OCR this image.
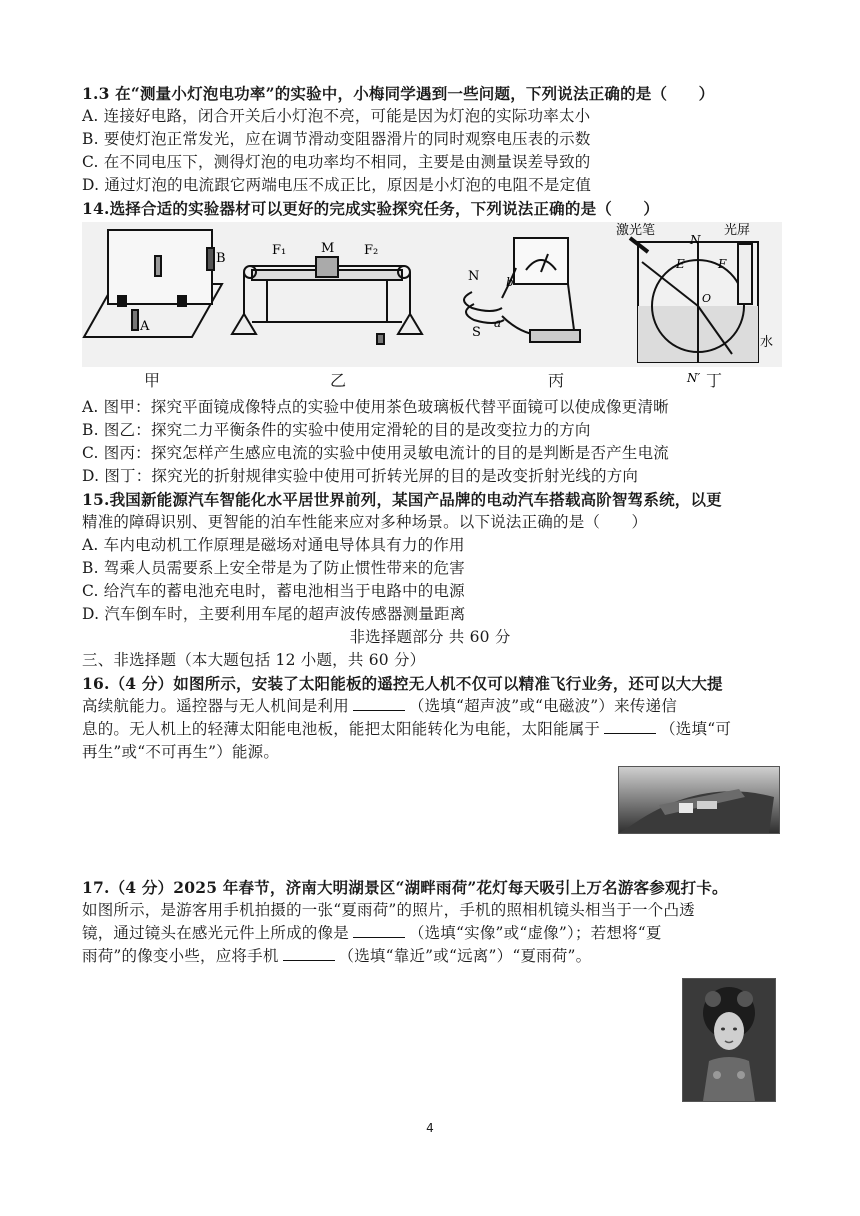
1.3 在“测量小灯泡电功率”的实验中，小梅同学遇到一些问题，下列说法正确的是（　　）
A. 连接好电路，闭合开关后小灯泡不亮，可能是因为灯泡的实际功率太小
B. 要使灯泡正常发光，应在调节滑动变阻器滑片的同时观察电压表的示数
C. 在不同电压下，测得灯泡的电功率均不相同，主要是由测量误差导致的
D. 通过灯泡的电流跟它两端电压不成正比，原因是小灯泡的电阻不是定值
14.选择合适的实验器材可以更好的完成实验探究任务，下列说法正确的是（　　）
A
B
F₁	M F₂
N
S
a
b
激光笔	光屏
N
N′
E	F
O
水
甲	乙	丙	丁
A. 图甲：探究平面镜成像特点的实验中使用茶色玻璃板代替平面镜可以使成像更清晰
B. 图乙：探究二力平衡条件的实验中使用定滑轮的目的是改变拉力的方向
C. 图丙：探究怎样产生感应电流的实验中使用灵敏电流计的目的是判断是否产生电流
D. 图丁：探究光的折射规律实验中使用可折转光屏的目的是改变折射光线的方向
15.我国新能源汽车智能化水平居世界前列，某国产品牌的电动汽车搭载高阶智驾系统，以更
精准的障碍识别、更智能的泊车性能来应对多种场景。以下说法正确的是（　　）
A. 车内电动机工作原理是磁场对通电导体具有力的作用
B. 驾乘人员需要系上安全带是为了防止惯性带来的危害
C. 给汽车的蓄电池充电时，蓄电池相当于电路中的电源
D. 汽车倒车时，主要利用车尾的超声波传感器测量距离
非选择题部分 共 60 分
三、非选择题（本大题包括 12 小题，共 60 分）
16.（4 分）如图所示，安装了太阳能板的遥控无人机不仅可以精准飞行业务，还可以大大提
高续航能力。遥控器与无人机间是利用	（选填“超声波”或“电磁波”）来传递信
息的。无人机上的轻薄太阳能电池板，能把太阳能转化为电能，太阳能属于	（选填“可
再生”或“不可再生”）能源。
17.（4 分）2025 年春节，济南大明湖景区“湖畔雨荷”花灯每天吸引上万名游客参观打卡。
如图所示，是游客用手机拍摄的一张“夏雨荷”的照片，手机的照相机镜头相当于一个凸透
镜，通过镜头在感光元件上所成的像是	（选填“实像”或“虚像”）；若想将“夏
雨荷”的像变小些，应将手机	（选填“靠近”或“远离”）“夏雨荷”。
4
